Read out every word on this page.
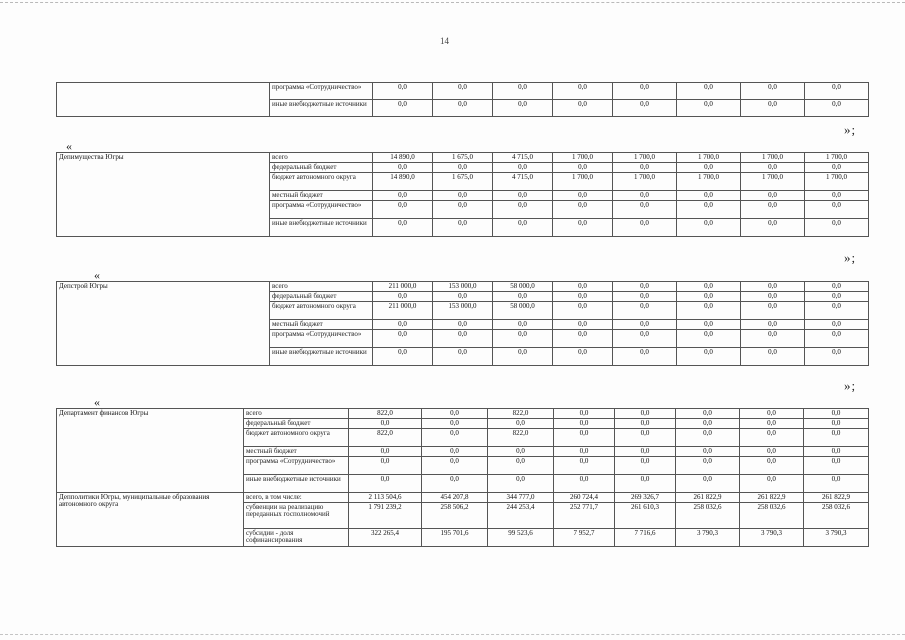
14
	программа «Сотрудничество»	0,0	0,0	0,0	0,0	0,0	0,0	0,0	0,0
	иные внебюджетные источники	0,0	0,0	0,0	0,0	0,0	0,0	0,0	0,0
»;
«
Депимущества Югры	всего	14 890,0	1 675,0	4 715,0	1 700,0	1 700,0	1 700,0	1 700,0	1 700,0
	федеральный бюджет	0,0	0,0	0,0	0,0	0,0	0,0	0,0	0,0
	бюджет автономного округа	14 890,0	1 675,0	4 715,0	1 700,0	1 700,0	1 700,0	1 700,0	1 700,0
	местный бюджет	0,0	0,0	0,0	0,0	0,0	0,0	0,0	0,0
	программа «Сотрудничество»	0,0	0,0	0,0	0,0	0,0	0,0	0,0	0,0
	иные внебюджетные источники	0,0	0,0	0,0	0,0	0,0	0,0	0,0	0,0
»;
«
Депстрой Югры	всего	211 000,0	153 000,0	58 000,0	0,0	0,0	0,0	0,0	0,0
	федеральный бюджет	0,0	0,0	0,0	0,0	0,0	0,0	0,0	0,0
	бюджет автономного округа	211 000,0	153 000,0	58 000,0	0,0	0,0	0,0	0,0	0,0
	местный бюджет	0,0	0,0	0,0	0,0	0,0	0,0	0,0	0,0
	программа «Сотрудничество»	0,0	0,0	0,0	0,0	0,0	0,0	0,0	0,0
	иные внебюджетные источники	0,0	0,0	0,0	0,0	0,0	0,0	0,0	0,0
»;
«
Департамент финансов Югры	всего	822,0	0,0	822,0	0,0	0,0	0,0	0,0	0,0
	федеральный бюджет	0,0	0,0	0,0	0,0	0,0	0,0	0,0	0,0
	бюджет автономного округа	822,0	0,0	822,0	0,0	0,0	0,0	0,0	0,0
	местный бюджет	0,0	0,0	0,0	0,0	0,0	0,0	0,0	0,0
	программа «Сотрудничество»	0,0	0,0	0,0	0,0	0,0	0,0	0,0	0,0
	иные внебюджетные источники	0,0	0,0	0,0	0,0	0,0	0,0	0,0	0,0
Депполитики Югры, муниципальные образования автономного округа	всего, в том числе:	2 113 504,6	454 207,8	344 777,0	260 724,4	269 326,7	261 822,9	261 822,9	261 822,9
	субвенции на реализацию переданных госполномочий	1 791 239,2	258 506,2	244 253,4	252 771,7	261 610,3	258 032,6	258 032,6	258 032,6
	субсидии - доля софинансирования	322 265,4	195 701,6	99 523,6	7 952,7	7 716,6	3 790,3	3 790,3	3 790,3
